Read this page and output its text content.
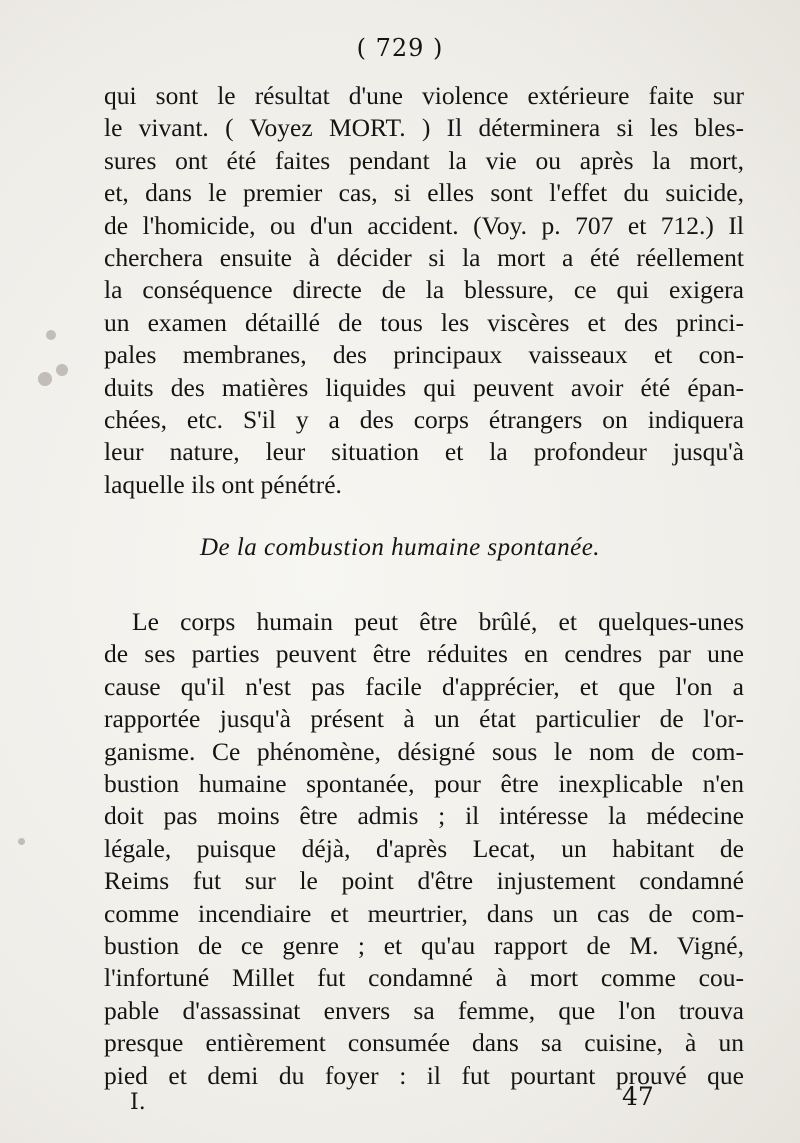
( 729 )
qui sont le résultat d'une violence extérieure faite sur
le vivant. ( Voyez MORT. ) Il déterminera si les bles-
sures ont été faites pendant la vie ou après la mort,
et, dans le premier cas, si elles sont l'effet du suicide,
de l'homicide, ou d'un accident. (Voy. p. 707 et 712.) Il
cherchera ensuite à décider si la mort a été réellement
la conséquence directe de la blessure, ce qui exigera
un examen détaillé de tous les viscères et des princi-
pales membranes, des principaux vaisseaux et con-
duits des matières liquides qui peuvent avoir été épan-
chées, etc. S'il y a des corps étrangers on indiquera
leur nature, leur situation et la profondeur jusqu'à
laquelle ils ont pénétré.
De la combustion humaine spontanée.
Le corps humain peut être brûlé, et quelques-unes
de ses parties peuvent être réduites en cendres par une
cause qu'il n'est pas facile d'apprécier, et que l'on a
rapportée jusqu'à présent à un état particulier de l'or-
ganisme. Ce phénomène, désigné sous le nom de com-
bustion humaine spontanée, pour être inexplicable n'en
doit pas moins être admis ; il intéresse la médecine
légale, puisque déjà, d'après Lecat, un habitant de
Reims fut sur le point d'être injustement condamné
comme incendiaire et meurtrier, dans un cas de com-
bustion de ce genre ; et qu'au rapport de M. Vigné,
l'infortuné Millet fut condamné à mort comme cou-
pable d'assassinat envers sa femme, que l'on trouva
presque entièrement consumée dans sa cuisine, à un
pied et demi du foyer : il fut pourtant prouvé que
I.	47
